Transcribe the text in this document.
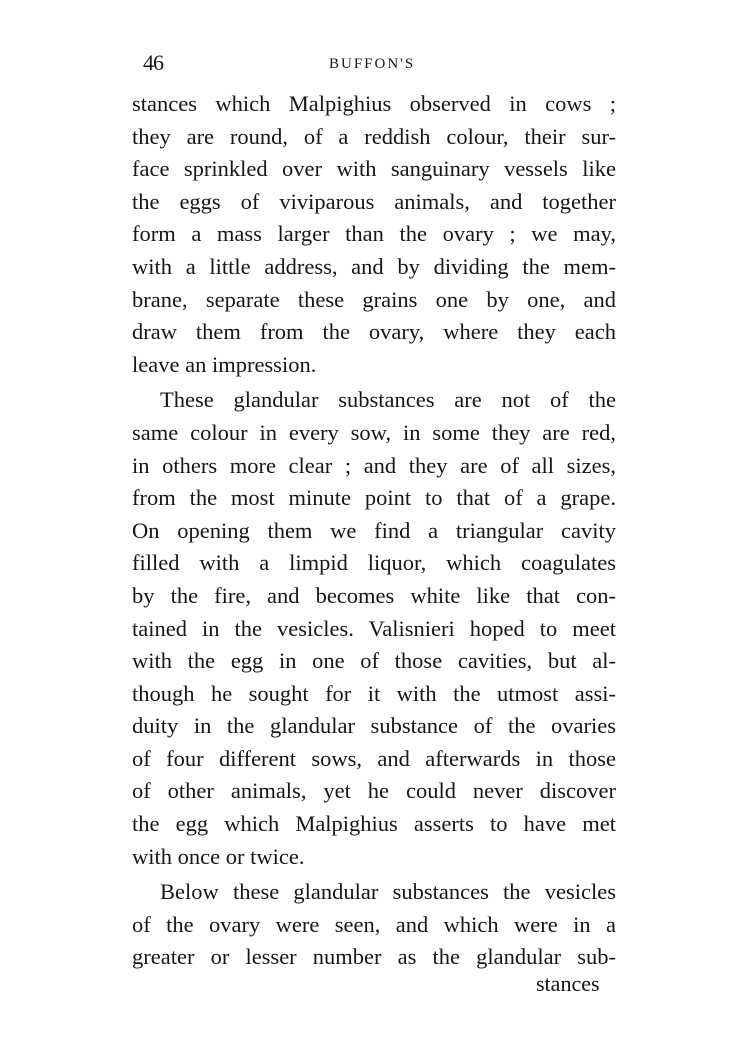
46	BUFFON'S
stances which Malpighius observed in cows ;
they are round, of a reddish colour, their sur-
face sprinkled over with sanguinary vessels like
the eggs of viviparous animals, and together
form a mass larger than the ovary ; we may,
with a little address, and by dividing the mem-
brane, separate these grains one by one, and
draw them from the ovary, where they each
leave an impression.
These glandular substances are not of the
same colour in every sow, in some they are red,
in others more clear ; and they are of all sizes,
from the most minute point to that of a grape.
On opening them we find a triangular cavity
filled with a limpid liquor, which coagulates
by the fire, and becomes white like that con-
tained in the vesicles. Valisnieri hoped to meet
with the egg in one of those cavities, but al-
though he sought for it with the utmost assi-
duity in the glandular substance of the ovaries
of four different sows, and afterwards in those
of other animals, yet he could never discover
the egg which Malpighius asserts to have met
with once or twice.
Below these glandular substances the vesicles
of the ovary were seen, and which were in a
greater or lesser number as the glandular sub-
stances
